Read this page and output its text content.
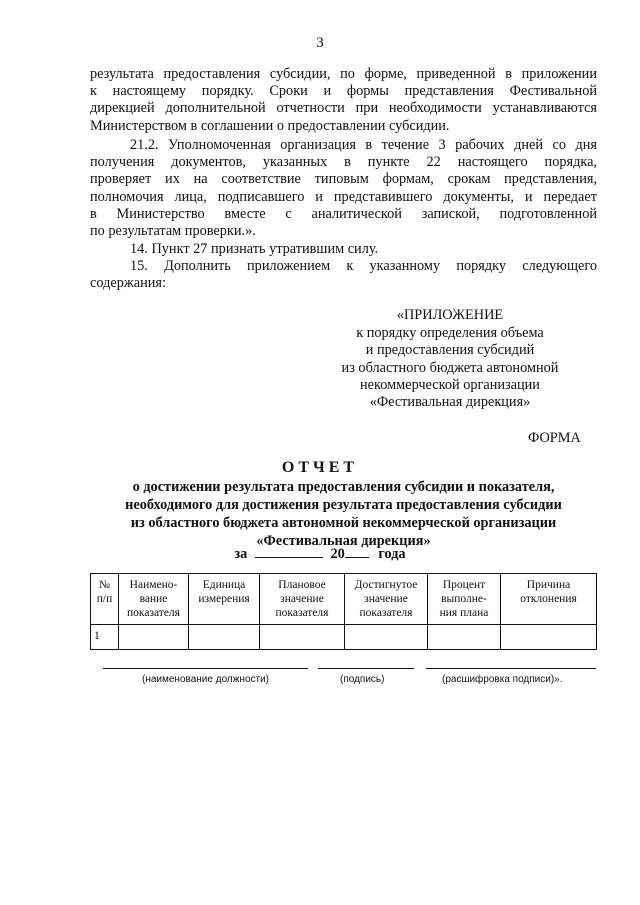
3
результата предоставления субсидии, по форме, приведенной в приложении
к настоящему порядку. Сроки и формы представления Фестивальной
дирекцией дополнительной отчетности при необходимости устанавливаются
Министерством в соглашении о предоставлении субсидии.
21.2. Уполномоченная организация в течение 3 рабочих дней со дня
получения документов, указанных в пункте 22 настоящего порядка,
проверяет их на соответствие типовым формам, срокам представления,
полномочия лица, подписавшего и представившего документы, и передает
в Министерство вместе с аналитической запиской, подготовленной
по результатам проверки.».
14. Пункт 27 признать утратившим силу.
15. Дополнить приложением к указанному порядку следующего
содержания:
«ПРИЛОЖЕНИЕ
к порядку определения объема
и предоставления субсидий
из областного бюджета автономной
некоммерческой организации
«Фестивальная дирекция»
ФОРМА
ОТЧЕТ
о достижении результата предоставления субсидии и показателя,
необходимого для достижения результата предоставления субсидии
из областного бюджета автономной некоммерческой организации
«Фестивальная дирекция»
за	20 года
№ п/п	Наимено- вание показателя	Единица измерения	Плановое значение показателя	Достигнутое значение показателя	Процент выполне- ния плана	Причина отклонения
1						
(наименование должности)	(подпись)	(расшифровка подписи)».
